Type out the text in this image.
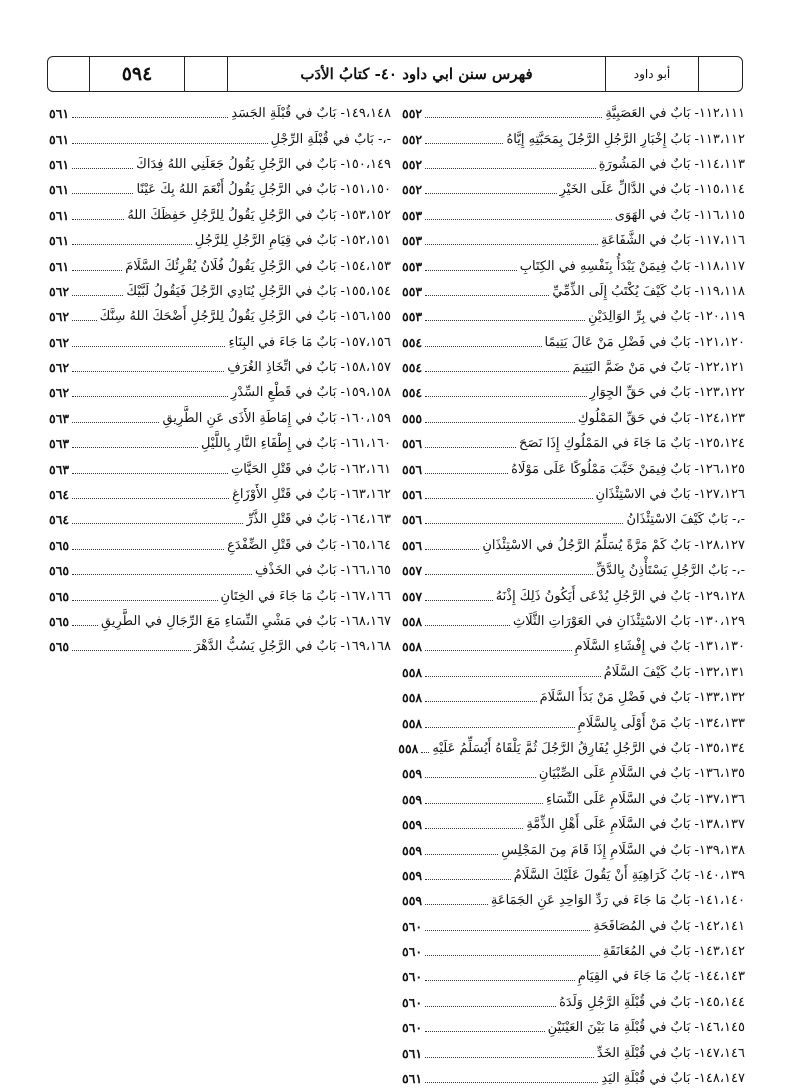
٥٩٤	فهرس سنن ابي داود ٤٠- كتابُ الأدَب	أبو داود
١١٢،١١١- بَابٌ في العَصَبِيَّةِ
٥٥٢
١١٣،١١٢- بَابُ إِخْبَارِ الرَّجُلِ الرَّجُلَ بِمَحَبَّتِهِ إِيَّاهُ
٥٥٢
١١٤،١١٣- بَابٌ في المَشُورَةِ
٥٥٢
١١٥،١١٤- بَابٌ في الدَّالِّ عَلَى الخَيْرِ
٥٥٢
١١٦،١١٥- بَابٌ في الهَوَى
٥٥٣
١١٧،١١٦- بَابٌ في الشَّفَاعَةِ
٥٥٣
١١٨،١١٧- بَابٌ فِيمَنْ يَبْدَأُ بِنَفْسِهِ في الكِتَابِ
٥٥٣
١١٩،١١٨- بَابٌ كَيْفَ يُكْتَبُ إِلَى الذِّمِّيِّ
٥٥٣
١٢٠،١١٩- بَابٌ في بِرِّ الوَالِدَيْنِ
٥٥٣
١٢١،١٢٠- بَابٌ في فَضْلِ مَنْ عَالَ يَتِيمًا
٥٥٤
١٢٢،١٢١- بَابٌ في مَنْ ضَمَّ اليَتِيمَ
٥٥٤
١٢٣،١٢٢- بَابٌ في حَقِّ الجِوَارِ
٥٥٤
١٢٤،١٢٣- بَابٌ في حَقِّ المَمْلُوكِ
٥٥٥
١٢٥،١٢٤- بَابٌ مَا جَاءَ في المَمْلُوكِ إِذَا نَصَحَ
٥٥٦
١٢٦،١٢٥- بَابٌ فِيمَنْ خَبَّبَ مَمْلُوكًا عَلَى مَوْلَاهُ
٥٥٦
١٢٧،١٢٦- بَابٌ في الاسْتِئْذَانِ
٥٥٦
-،- بَابٌ كَيْفَ الاسْتِئْذَانُ
٥٥٦
١٢٨،١٢٧- بَابٌ كَمْ مَرَّةً يُسَلِّمُ الرَّجُلُ في الاسْتِئْذَانِ
٥٥٦
-،- بَابٌ الرَّجُلِ يَسْتَأْذِنُ بِالدَّقِّ
٥٥٧
١٢٩،١٢٨- بَابٌ في الرَّجُلِ يُدْعَى أَيَكُونُ ذَلِكَ إِذْنَهُ
٥٥٧
١٣٠،١٢٩- بَابُ الاسْتِئْذَانِ في العَوْرَاتِ الثَّلَاثِ
٥٥٨
١٣١،١٣٠- بَابٌ في إِفْشَاءِ السَّلَامِ
٥٥٨
١٣٢،١٣١- بَابٌ كَيْفَ السَّلَامُ
٥٥٨
١٣٣،١٣٢- بَابٌ في فَضْلِ مَنْ بَدَأَ السَّلَامَ
٥٥٨
١٣٤،١٣٣- بَابٌ مَنْ أَوْلَى بِالسَّلَامِ
٥٥٨
١٣٥،١٣٤- بَابٌ في الرَّجُلِ يُفَارِقُ الرَّجُلَ ثُمَّ يَلْقَاهُ أَيُسَلِّمُ عَلَيْهِ
٥٥٨
١٣٦،١٣٥- بَابٌ في السَّلَامِ عَلَى الصِّبْيَانِ
٥٥٩
١٣٧،١٣٦- بَابٌ في السَّلَامِ عَلَى النِّسَاءِ
٥٥٩
١٣٨،١٣٧- بَابٌ في السَّلَامِ عَلَى أَهْلِ الذِّمَّةِ
٥٥٩
١٣٩،١٣٨- بَابٌ في السَّلَامِ إِذَا قَامَ مِنَ المَجْلِسِ
٥٥٩
١٤٠،١٣٩- بَابُ كَرَاهِيَةِ أَنْ يَقُولَ عَلَيْكَ السَّلَامُ
٥٥٩
١٤١،١٤٠- بَابٌ مَا جَاءَ في رَدِّ الوَاحِدِ عَنِ الجَمَاعَةِ
٥٥٩
١٤٢،١٤١- بَابٌ في المُصَافَحَةِ
٥٦٠
١٤٣،١٤٢- بَابٌ في المُعَانَقَةِ
٥٦٠
١٤٤،١٤٣- بَابٌ مَا جَاءَ في القِيَامِ
٥٦٠
١٤٥،١٤٤- بَابٌ في قُبْلَةِ الرَّجُلِ وَلَدَهُ
٥٦٠
١٤٦،١٤٥- بَابٌ في قُبْلَةِ مَا بَيْنَ العَيْنَيْنِ
٥٦٠
١٤٧،١٤٦- بَابٌ في قُبْلَةِ الخَدِّ
٥٦١
١٤٨،١٤٧- بَابٌ في قُبْلَةِ اليَدِ
٥٦١
١٤٩،١٤٨- بَابٌ في قُبْلَةِ الجَسَدِ
٥٦١
-،- بَابٌ في قُبْلَةِ الرِّجْلِ
٥٦١
١٥٠،١٤٩- بَابٌ في الرَّجُلِ يَقُولُ جَعَلَنِي اللهُ فِدَاكَ
٥٦١
١٥١،١٥٠- بَابٌ في الرَّجُلِ يَقُولُ أَنْعَمَ اللهُ بِكَ عَيْنًا
٥٦١
١٥٣،١٥٢- بَابٌ في الرَّجُلِ يَقُولُ لِلرَّجُلِ حَفِظَكَ اللهُ
٥٦١
١٥٢،١٥١- بَابٌ في قِيَامِ الرَّجُلِ لِلرَّجُلِ
٥٦١
١٥٤،١٥٣- بَابٌ في الرَّجُلِ يَقُولُ فُلَانٌ يُقْرِئُكَ السَّلَامَ
٥٦١
١٥٥،١٥٤- بَابٌ في الرَّجُلِ يُنَادِي الرَّجُلَ فَيَقُولُ لَبَّيْكَ
٥٦٢
١٥٦،١٥٥- بَابٌ في الرَّجُلِ يَقُولُ لِلرَّجُلِ أَضْحَكَ اللهُ سِنَّكَ
٥٦٢
١٥٧،١٥٦- بَابٌ مَا جَاءَ في البِنَاءِ
٥٦٢
١٥٨،١٥٧- بَابٌ في اتِّخَاذِ الغُرَفِ
٥٦٢
١٥٩،١٥٨- بَابٌ في قَطْعِ السِّدْرِ
٥٦٢
١٦٠،١٥٩- بَابٌ في إِمَاطَةِ الأَذَى عَنِ الطَّرِيقِ
٥٦٣
١٦١،١٦٠- بَابٌ في إِطْفَاءِ النَّارِ بِاللَّيْلِ
٥٦٣
١٦٢،١٦١- بَابٌ في قَتْلِ الحَيَّاتِ
٥٦٣
١٦٣،١٦٢- بَابٌ في قَتْلِ الأَوْزَاغِ
٥٦٤
١٦٤،١٦٣- بَابٌ في قَتْلِ الذَّرِّ
٥٦٤
١٦٥،١٦٤- بَابٌ في قَتْلِ الضِّفْدَعِ
٥٦٥
١٦٦،١٦٥- بَابٌ في الخَذْفِ
٥٦٥
١٦٧،١٦٦- بَابٌ مَا جَاءَ في الخِتَانِ
٥٦٥
١٦٨،١٦٧- بَابٌ في مَشْيِ النِّسَاءِ مَعَ الرِّجَالِ في الطَّرِيقِ
٥٦٥
١٦٩،١٦٨- بَابٌ في الرَّجُلِ يَسُبُّ الدَّهْرَ
٥٦٥
